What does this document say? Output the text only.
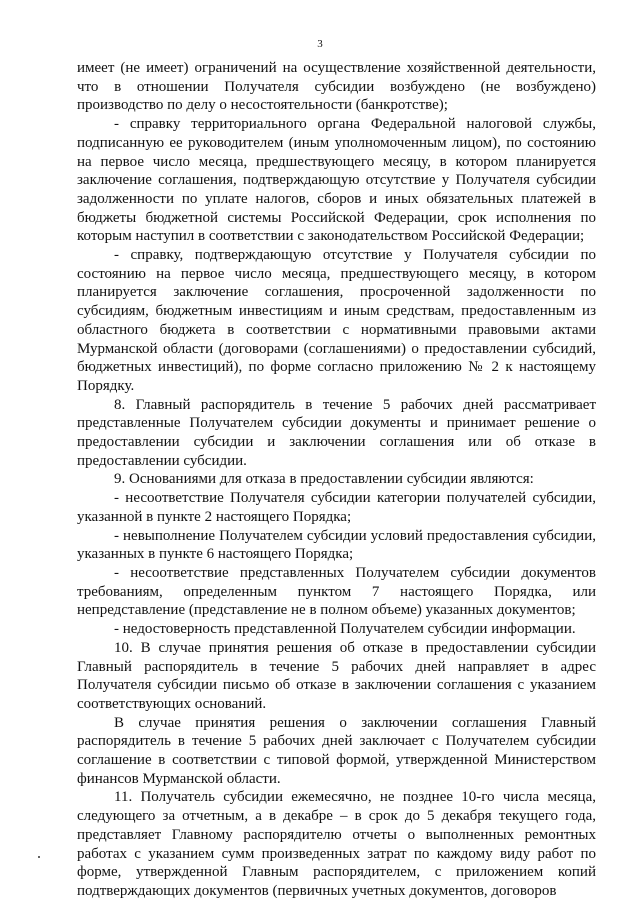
3

имеет (не имеет) ограничений на осуществление хозяйственной деятельности, что в отношении Получателя субсидии возбуждено (не возбуждено) производство по делу о несостоятельности (банкротстве);

- справку территориального органа Федеральной налоговой службы, подписанную ее руководителем (иным уполномоченным лицом), по состоянию на первое число месяца, предшествующего месяцу, в котором планируется заключение соглашения, подтверждающую отсутствие у Получателя субсидии задолженности по уплате налогов, сборов и иных обязательных платежей в бюджеты бюджетной системы Российской Федерации, срок исполнения по которым наступил в соответствии с законодательством Российской Федерации;

- справку, подтверждающую отсутствие у Получателя субсидии по состоянию на первое число месяца, предшествующего месяцу, в котором планируется заключение соглашения, просроченной задолженности по субсидиям, бюджетным инвестициям и иным средствам, предоставленным из областного бюджета в соответствии с нормативными правовыми актами Мурманской области (договорами (соглашениями) о предоставлении субсидий, бюджетных инвестиций), по форме согласно приложению № 2 к настоящему Порядку.

8. Главный распорядитель в течение 5 рабочих дней рассматривает представленные Получателем субсидии документы и принимает решение о предоставлении субсидии и заключении соглашения или об отказе в предоставлении субсидии.

9. Основаниями для отказа в предоставлении субсидии являются:

- несоответствие Получателя субсидии категории получателей субсидии, указанной в пункте 2 настоящего Порядка;

- невыполнение Получателем субсидии условий предоставления субсидии, указанных в пункте 6 настоящего Порядка;

- несоответствие представленных Получателем субсидии документов требованиям, определенным пунктом 7 настоящего Порядка, или непредставление (представление не в полном объеме) указанных документов;

- недостоверность представленной Получателем субсидии информации.

10. В случае принятия решения об отказе в предоставлении субсидии Главный распорядитель в течение 5 рабочих дней направляет в адрес Получателя субсидии письмо об отказе в заключении соглашения с указанием соответствующих оснований.

В случае принятия решения о заключении соглашения Главный распорядитель в течение 5 рабочих дней заключает с Получателем субсидии соглашение в соответствии с типовой формой, утвержденной Министерством финансов Мурманской области.

11. Получатель субсидии ежемесячно, не позднее 10-го числа месяца, следующего за отчетным, а в декабре – в срок до 5 декабря текущего года, представляет Главному распорядителю отчеты о выполненных ремонтных работах с указанием сумм произведенных затрат по каждому виду работ по форме, утвержденной Главным распорядителем, с приложением копий подтверждающих документов (первичных учетных документов, договоров
